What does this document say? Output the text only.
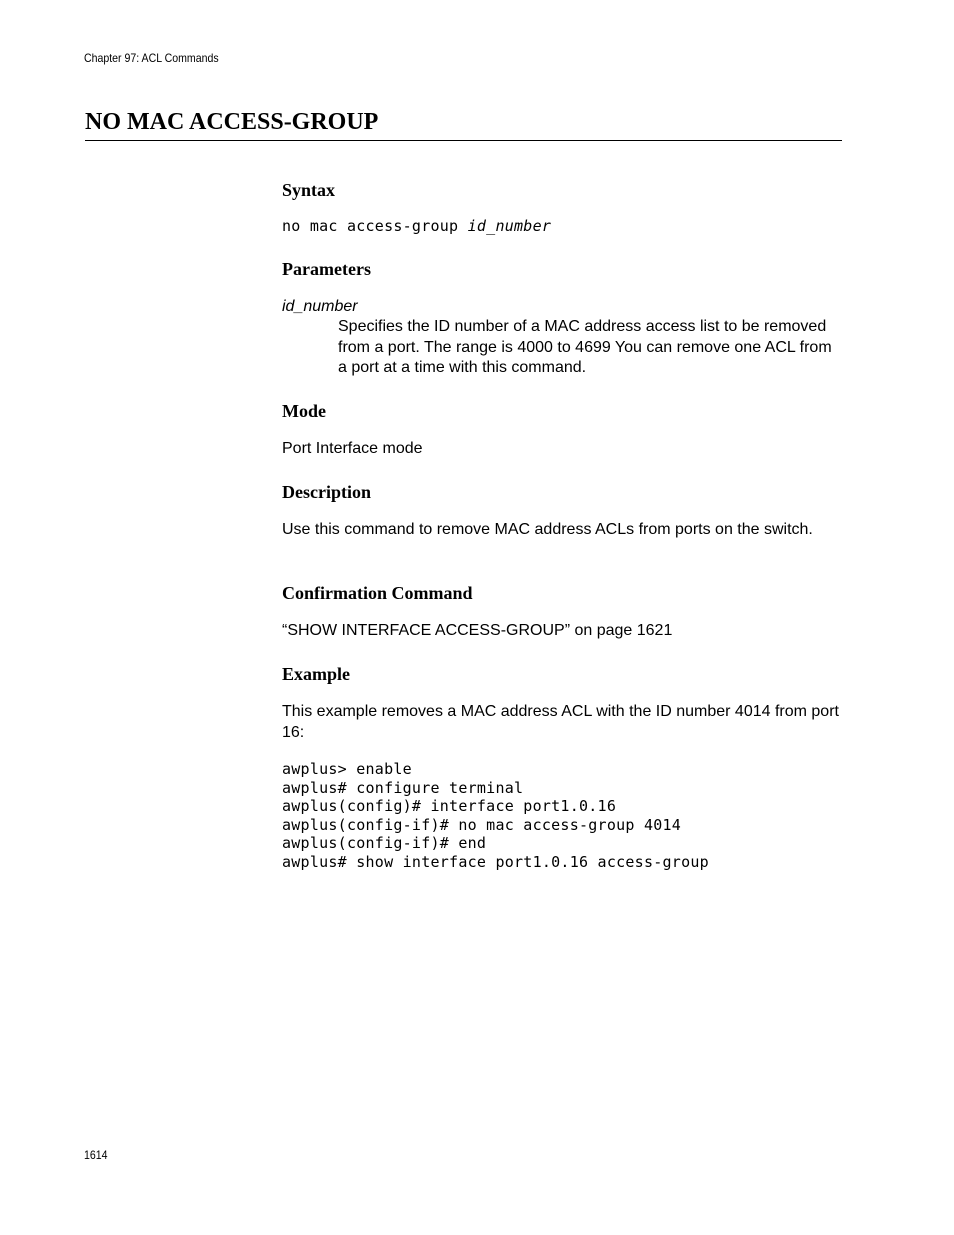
Chapter 97: ACL Commands
NO MAC ACCESS-GROUP
Syntax
no mac access-group id_number
Parameters
id_number

Specifies the ID number of a MAC address access list to be removed from a port. The range is 4000 to 4699 You can remove one ACL from a port at a time with this command.

Mode

Port Interface mode

Description

Use this command to remove MAC address ACLs from ports on the switch.

Confirmation Command

“SHOW INTERFACE ACCESS-GROUP” on page 1621

Example

This example removes a MAC address ACL with the ID number 4014 from port 16:

awplus> enable
awplus# configure terminal
awplus(config)# interface port1.0.16
awplus(config-if)# no mac access-group 4014
awplus(config-if)# end
awplus# show interface port1.0.16 access-group
1614
